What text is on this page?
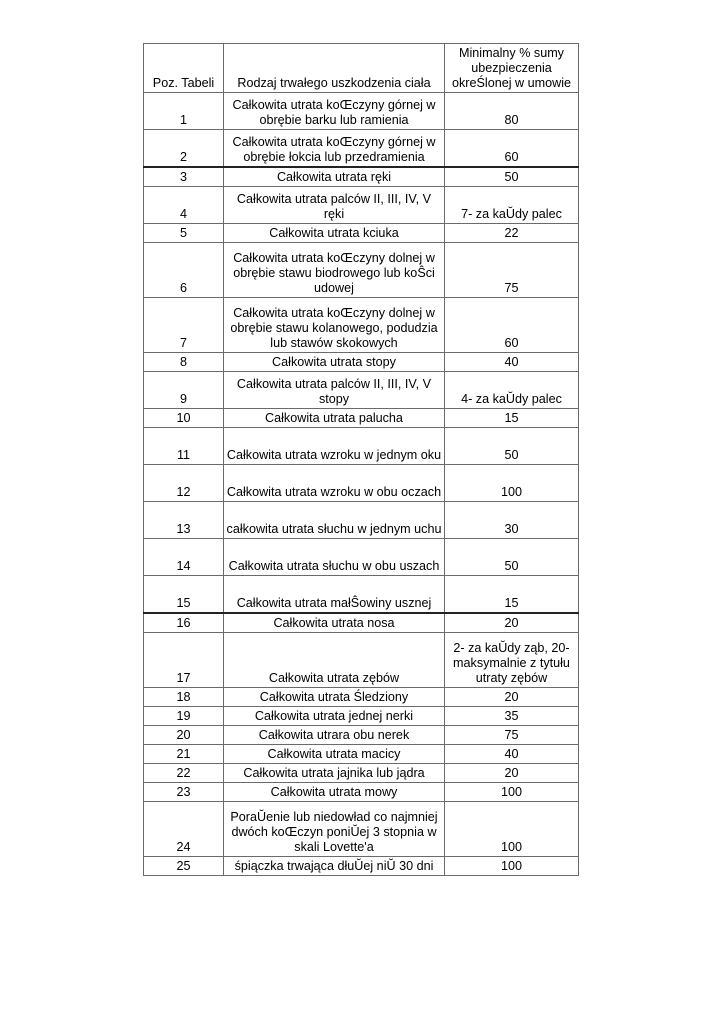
Poz. Tabeli	Rodzaj trwałego uszkodzenia ciała	Minimalny % sumy ubezpieczenia okreŚlonej w umowie
1	Całkowita utrata koŒczyny górnej w obrębie barku lub ramienia	80
2	Całkowita utrata koŒczyny górnej w obrębie łokcia lub przedramienia	60
3	Całkowita utrata ręki	50
4	Całkowita utrata palców II, III, IV, V ręki	7- za kaŬdy palec
5	Całkowita utrata kciuka	22
6	Całkowita utrata koŒczyny dolnej w obrębie stawu biodrowego lub koŜci udowej	75
7	Całkowita utrata koŒczyny dolnej w obrębie stawu kolanowego, podudzia lub stawów skokowych	60
8	Całkowita utrata stopy	40
9	Całkowita utrata palców II, III, IV, V stopy	4- za kaŬdy palec
10	Całkowita utrata palucha	15
11	Całkowita utrata wzroku w jednym oku	50
12	Całkowita utrata wzroku w obu oczach	100
13	całkowita utrata słuchu w jednym uchu	30
14	Całkowita utrata słuchu w obu uszach	50
15	Całkowita utrata małŜowiny usznej	15
16	Całkowita utrata nosa	20
17	Całkowita utrata zębów	2- za kaŬdy ząb, 20- maksymalnie z tytułu utraty zębów
18	Całkowita utrata Śledziony	20
19	Całkowita utrata jednej nerki	35
20	Całkowita utrara obu nerek	75
21	Całkowita utrata macicy	40
22	Całkowita utrata jajnika lub jądra	20
23	Całkowita utrata mowy	100
24	PoraŬenie lub niedowład co najmniej dwóch koŒczyn poniŬej 3 stopnia w skali Lovette'a	100
25	śpiączka trwająca dłuŬej niŬ 30 dni	100
